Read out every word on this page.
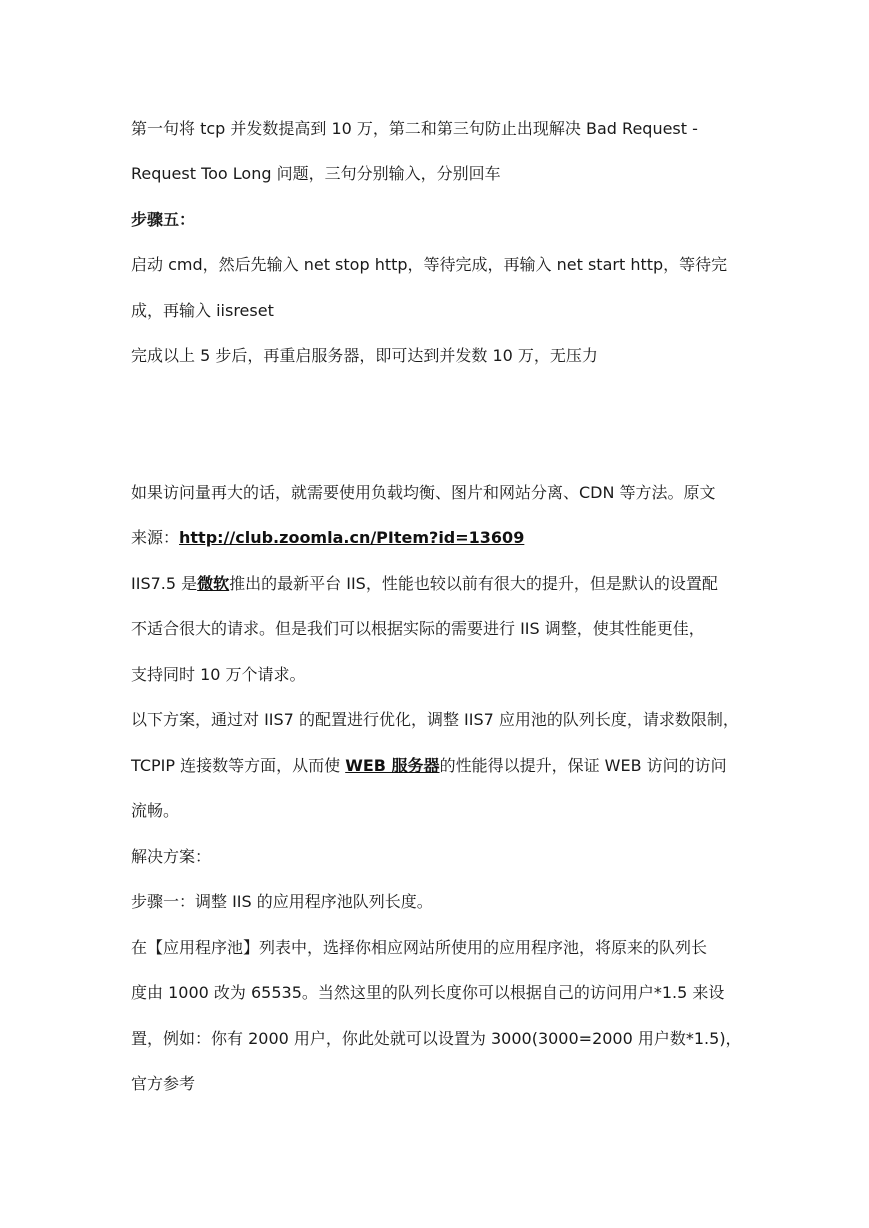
第一句将 tcp 并发数提高到 10 万，第二和第三句防止出现解决 Bad Request -
Request Too Long 问题，三句分别输入，分别回车
步骤五：
启动 cmd，然后先输入 net stop http，等待完成，再输入 net start http，等待完
成，再输入 iisreset
完成以上 5 步后，再重启服务器，即可达到并发数 10 万，无压力
如果访问量再大的话，就需要使用负载均衡、图片和网站分离、CDN 等方法。原文
来源：http://club.zoomla.cn/PItem?id=13609
IIS7.5 是微软推出的最新平台 IIS，性能也较以前有很大的提升，但是默认的设置配
不适合很大的请求。但是我们可以根据实际的需要进行 IIS 调整，使其性能更佳，
支持同时 10 万个请求。
以下方案，通过对 IIS7 的配置进行优化，调整 IIS7 应用池的队列长度，请求数限制，
TCPIP 连接数等方面，从而使 WEB 服务器的性能得以提升，保证 WEB 访问的访问
流畅。
解决方案：
步骤一：调整 IIS 的应用程序池队列长度。
在【应用程序池】列表中，选择你相应网站所使用的应用程序池，将原来的队列长
度由 1000 改为 65535。当然这里的队列长度你可以根据自己的访问用户*1.5 来设
置，例如：你有 2000 用户，你此处就可以设置为 3000(3000=2000 用户数*1.5)，
官方参考
